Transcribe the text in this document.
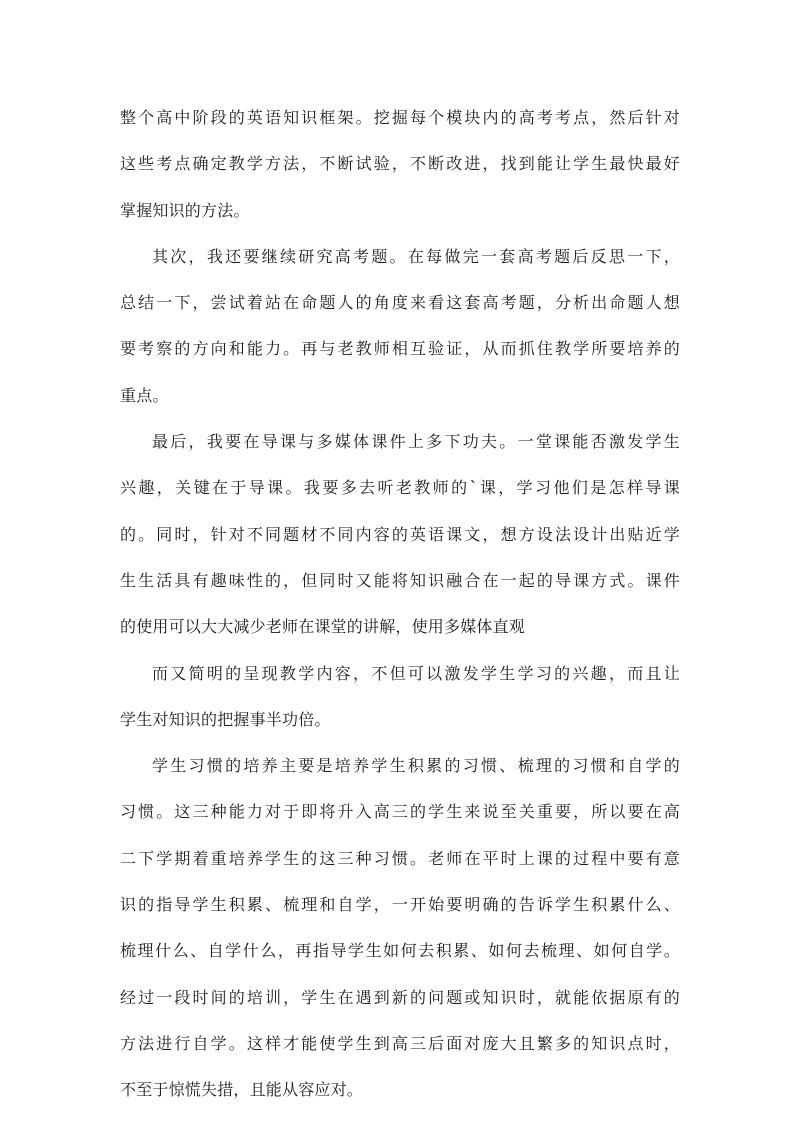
整个高中阶段的英语知识框架。挖掘每个模块内的高考考点，然后针对
这些考点确定教学方法，不断试验，不断改进，找到能让学生最快最好
掌握知识的方法。
其次，我还要继续研究高考题。在每做完一套高考题后反思一下，
总结一下，尝试着站在命题人的角度来看这套高考题，分析出命题人想
要考察的方向和能力。再与老教师相互验证，从而抓住教学所要培养的
重点。
最后，我要在导课与多媒体课件上多下功夫。一堂课能否激发学生
兴趣，关键在于导课。我要多去听老教师的`课，学习他们是怎样导课
的。同时，针对不同题材不同内容的英语课文，想方设法设计出贴近学
生生活具有趣味性的，但同时又能将知识融合在一起的导课方式。课件
的使用可以大大减少老师在课堂的讲解，使用多媒体直观
而又简明的呈现教学内容，不但可以激发学生学习的兴趣，而且让
学生对知识的把握事半功倍。
学生习惯的培养主要是培养学生积累的习惯、梳理的习惯和自学的
习惯。这三种能力对于即将升入高三的学生来说至关重要，所以要在高
二下学期着重培养学生的这三种习惯。老师在平时上课的过程中要有意
识的指导学生积累、梳理和自学，一开始要明确的告诉学生积累什么、
梳理什么、自学什么，再指导学生如何去积累、如何去梳理、如何自学。
经过一段时间的培训，学生在遇到新的问题或知识时，就能依据原有的
方法进行自学。这样才能使学生到高三后面对庞大且繁多的知识点时，
不至于惊慌失措，且能从容应对。
